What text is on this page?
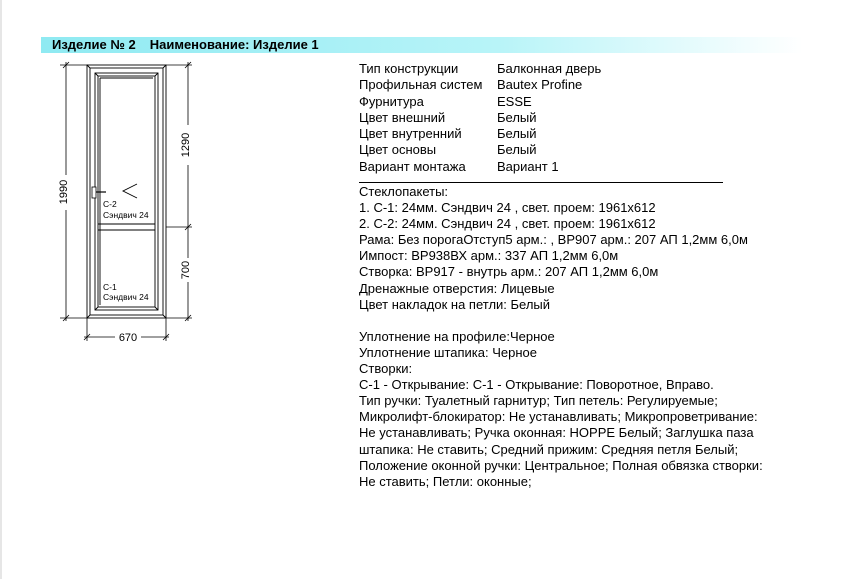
Изделие № 2 Наименование: Изделие 1
1990
1290
700
670
С-2
Сэндвич 24
С-1
Сэндвич 24
Тип конструкции	Балконная дверь
Профильная систем	Bautex Profine
Фурнитура	ESSE
Цвет внешний	Белый
Цвет внутренний	Белый
Цвет основы	Белый
Вариант монтажа	Вариант 1
Стеклопакеты:
1. С-1: 24мм. Сэндвич 24 , свет. проем: 1961x612
2. С-2: 24мм. Сэндвич 24 , свет. проем: 1961x612
Рама: Без порогаОтступ5 арм.: , ВР907 арм.: 207 АП 1,2мм 6,0м
Импост: ВР938ВХ арм.: 337 АП 1,2мм 6,0м
Створка: ВР917 - внутрь арм.: 207 АП 1,2мм 6,0м
Дренажные отверстия: Лицевые
Цвет накладок на петли: Белый
Уплотнение на профиле:Черное
Уплотнение штапика: Черное
Створки:
С-1 - Открывание: С-1 - Открывание: Поворотное, Вправо.
Тип ручки: Туалетный гарнитур; Тип петель: Регулируемые;
Микролифт-блокиратор: Не устанавливать; Микропроветривание:
Не устанавливать; Ручка оконная: HOPPE Белый; Заглушка паза
штапика: Не ставить; Средний прижим: Средняя петля Белый;
Положение оконной ручки: Центральное; Полная обвязка створки:
Не ставить; Петли: оконные;
